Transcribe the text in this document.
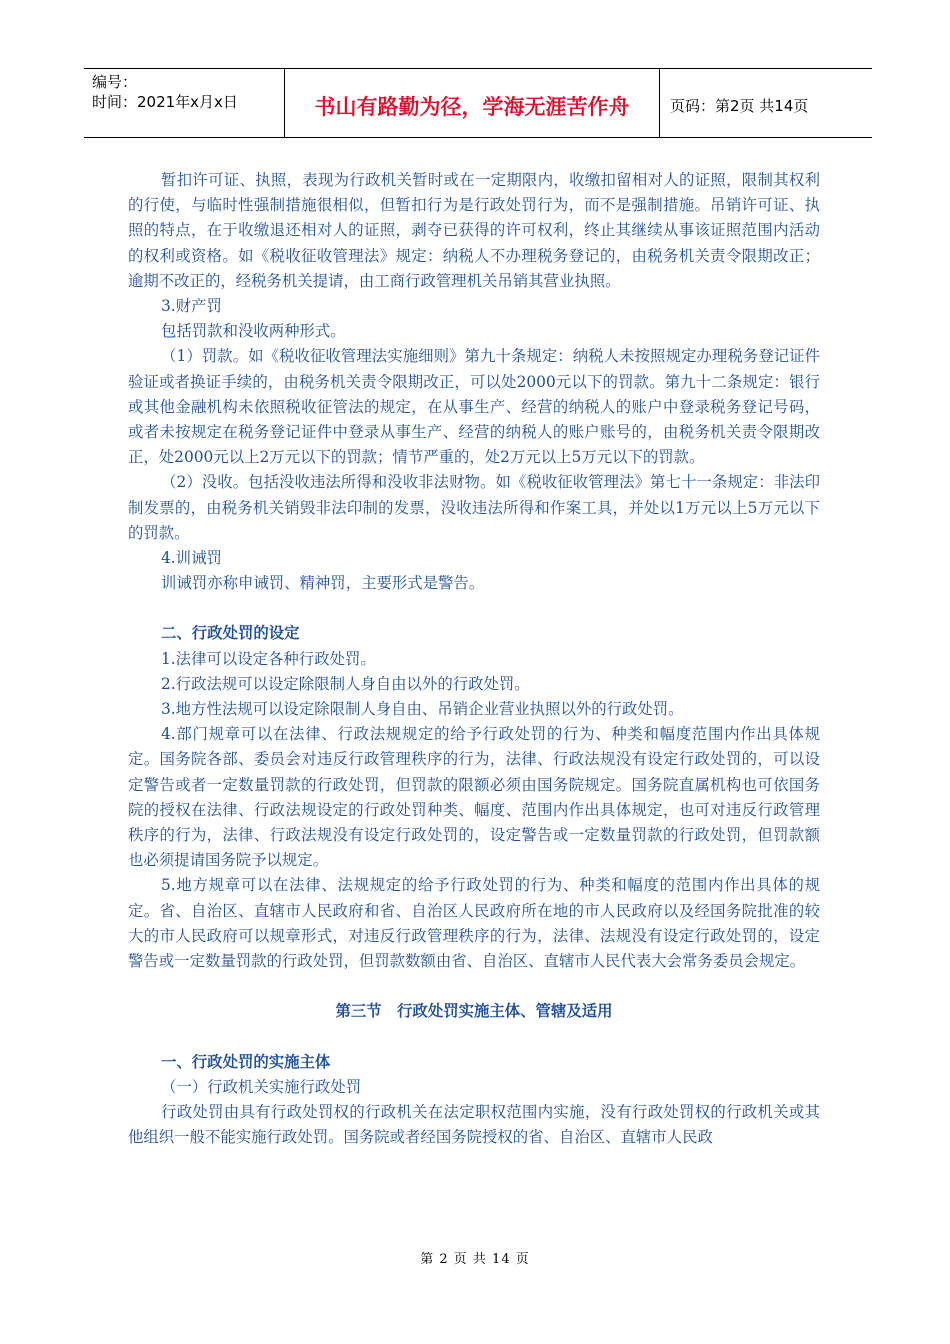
编号：
时间：2021年x月x日	书山有路勤为径，学海无涯苦作舟	页码：第2页 共14页

暂扣许可证、执照，表现为行政机关暂时或在一定期限内，收缴扣留相对人的证照，限制其权利的行使，与临时性强制措施很相似，但暂扣行为是行政处罚行为，而不是强制措施。吊销许可证、执照的特点，在于收缴退还相对人的证照，剥夺已获得的许可权利，终止其继续从事该证照范围内活动的权利或资格。如《税收征收管理法》规定：纳税人不办理税务登记的，由税务机关责令限期改正；逾期不改正的，经税务机关提请，由工商行政管理机关吊销其营业执照。

3.财产罚

包括罚款和没收两种形式。

（1）罚款。如《税收征收管理法实施细则》第九十条规定：纳税人未按照规定办理税务登记证件验证或者换证手续的，由税务机关责令限期改正，可以处2000元以下的罚款。第九十二条规定：银行或其他金融机构未依照税收征管法的规定，在从事生产、经营的纳税人的账户中登录税务登记号码，或者未按规定在税务登记证件中登录从事生产、经营的纳税人的账户账号的，由税务机关责令限期改正，处2000元以上2万元以下的罚款；情节严重的，处2万元以上5万元以下的罚款。

（2）没收。包括没收违法所得和没收非法财物。如《税收征收管理法》第七十一条规定：非法印制发票的，由税务机关销毁非法印制的发票，没收违法所得和作案工具，并处以1万元以上5万元以下的罚款。

4.训诫罚

训诫罚亦称申诫罚、精神罚，主要形式是警告。

二、行政处罚的设定

1.法律可以设定各种行政处罚。

2.行政法规可以设定除限制人身自由以外的行政处罚。

3.地方性法规可以设定除限制人身自由、吊销企业营业执照以外的行政处罚。

4.部门规章可以在法律、行政法规规定的给予行政处罚的行为、种类和幅度范围内作出具体规定。国务院各部、委员会对违反行政管理秩序的行为，法律、行政法规没有设定行政处罚的，可以设定警告或者一定数量罚款的行政处罚，但罚款的限额必须由国务院规定。国务院直属机构也可依国务院的授权在法律、行政法规设定的行政处罚种类、幅度、范围内作出具体规定，也可对违反行政管理秩序的行为，法律、行政法规没有设定行政处罚的，设定警告或一定数量罚款的行政处罚，但罚款额也必须提请国务院予以规定。

5.地方规章可以在法律、法规规定的给予行政处罚的行为、种类和幅度的范围内作出具体的规定。省、自治区、直辖市人民政府和省、自治区人民政府所在地的市人民政府以及经国务院批准的较大的市人民政府可以规章形式，对违反行政管理秩序的行为，法律、法规没有设定行政处罚的，设定警告或一定数量罚款的行政处罚，但罚款数额由省、自治区、直辖市人民代表大会常务委员会规定。

第三节　行政处罚实施主体、管辖及适用

一、行政处罚的实施主体

（一）行政机关实施行政处罚

行政处罚由具有行政处罚权的行政机关在法定职权范围内实施，没有行政处罚权的行政机关或其他组织一般不能实施行政处罚。国务院或者经国务院授权的省、自治区、直辖市人民政

第 2 页 共 14 页
